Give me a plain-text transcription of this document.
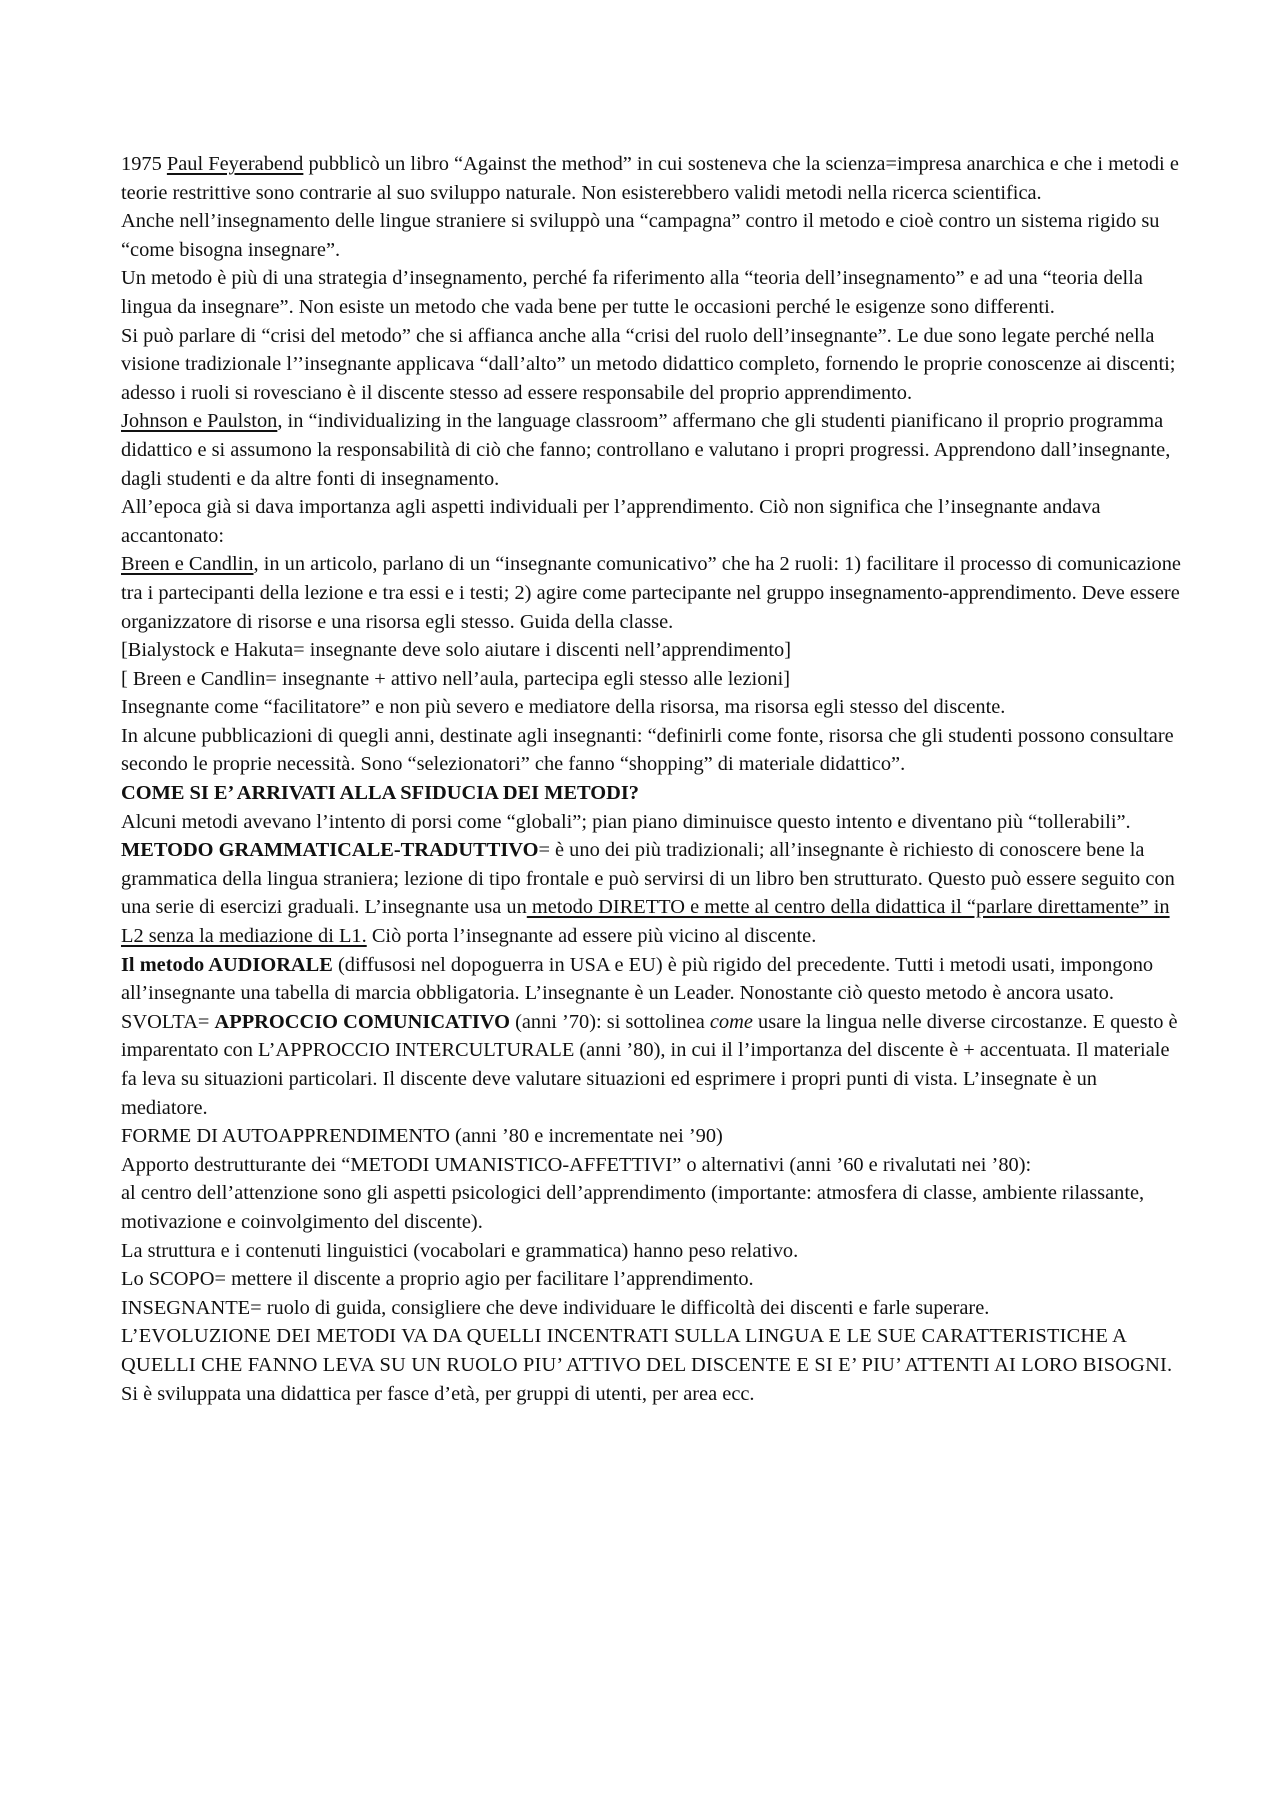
1975 Paul Feyerabend pubblicò un libro “Against the method” in cui sosteneva che la scienza=impresa anarchica e che i metodi e teorie restrittive sono contrarie al suo sviluppo naturale. Non esisterebbero validi metodi nella ricerca scientifica.

Anche nell’insegnamento delle lingue straniere si sviluppò una “campagna” contro il metodo e cioè contro un sistema rigido su “come bisogna insegnare”.

Un metodo è più di una strategia d’insegnamento, perché fa riferimento alla “teoria dell’insegnamento” e ad una “teoria della lingua da insegnare”. Non esiste un metodo che vada bene per tutte le occasioni perché le esigenze sono differenti.

Si può parlare di “crisi del metodo” che si affianca anche alla “crisi del ruolo dell’insegnante”. Le due sono legate perché nella visione tradizionale l’’insegnante applicava “dall’alto” un metodo didattico completo, fornendo le proprie conoscenze ai discenti; adesso i ruoli si rovesciano è il discente stesso ad essere responsabile del proprio apprendimento.

Johnson e Paulston, in “individualizing in the language classroom” affermano che gli studenti pianificano il proprio programma didattico e si assumono la responsabilità di ciò che fanno; controllano e valutano i propri progressi. Apprendono dall’insegnante, dagli studenti e da altre fonti di insegnamento.

All’epoca già si dava importanza agli aspetti individuali per l’apprendimento. Ciò non significa che l’insegnante andava accantonato:

Breen e Candlin, in un articolo, parlano di un “insegnante comunicativo” che ha 2 ruoli: 1) facilitare il processo di comunicazione tra i partecipanti della lezione e tra essi e i testi; 2) agire come partecipante nel gruppo insegnamento-apprendimento. Deve essere organizzatore di risorse e una risorsa egli stesso. Guida della classe.

[Bialystock e Hakuta= insegnante deve solo aiutare i discenti nell’apprendimento]

[ Breen e Candlin= insegnante + attivo nell’aula, partecipa egli stesso alle lezioni]

Insegnante come “facilitatore” e non più severo e mediatore della risorsa, ma risorsa egli stesso del discente.

In alcune pubblicazioni di quegli anni, destinate agli insegnanti: “definirli come fonte, risorsa che gli studenti possono consultare secondo le proprie necessità. Sono “selezionatori” che fanno “shopping” di materiale didattico”.

COME SI E’ ARRIVATI ALLA SFIDUCIA DEI METODI?

Alcuni metodi avevano l’intento di porsi come “globali”; pian piano diminuisce questo intento e diventano più “tollerabili”.

METODO GRAMMATICALE-TRADUTTIVO= è uno dei più tradizionali; all’insegnante è richiesto di conoscere bene la grammatica della lingua straniera; lezione di tipo frontale e può servirsi di un libro ben strutturato. Questo può essere seguito con una serie di esercizi graduali. L’insegnante usa un metodo DIRETTO e mette al centro della didattica il “parlare direttamente” in L2 senza la mediazione di L1. Ciò porta l’insegnante ad essere più vicino al discente.

Il metodo AUDIORALE (diffusosi nel dopoguerra in USA e EU) è più rigido del precedente. Tutti i metodi usati, impongono all’insegnante una tabella di marcia obbligatoria. L’insegnante è un Leader. Nonostante ciò questo metodo è ancora usato.

SVOLTA= APPROCCIO COMUNICATIVO (anni ’70): si sottolinea come usare la lingua nelle diverse circostanze. E questo è imparentato con L’APPROCCIO INTERCULTURALE (anni ’80), in cui il l’importanza del discente è + accentuata. Il materiale fa leva su situazioni particolari. Il discente deve valutare situazioni ed esprimere i propri punti di vista. L’insegnate è un mediatore.

FORME DI AUTOAPPRENDIMENTO (anni ’80 e incrementate nei ’90)

Apporto destrutturante dei “METODI UMANISTICO-AFFETTIVI” o alternativi (anni ’60 e rivalutati nei ’80):

al centro dell’attenzione sono gli aspetti psicologici dell’apprendimento (importante: atmosfera di classe, ambiente rilassante, motivazione e coinvolgimento del discente).

La struttura e i contenuti linguistici (vocabolari e grammatica) hanno peso relativo.

Lo SCOPO= mettere il discente a proprio agio per facilitare l’apprendimento.

INSEGNANTE= ruolo di guida, consigliere che deve individuare le difficoltà dei discenti e farle superare.

L’EVOLUZIONE DEI METODI VA DA QUELLI INCENTRATI SULLA LINGUA E LE SUE CARATTERISTICHE A QUELLI CHE FANNO LEVA SU UN RUOLO PIU’ ATTIVO DEL DISCENTE E SI E’ PIU’ ATTENTI AI LORO BISOGNI.

Si è sviluppata una didattica per fasce d’età, per gruppi di utenti, per area ecc.
